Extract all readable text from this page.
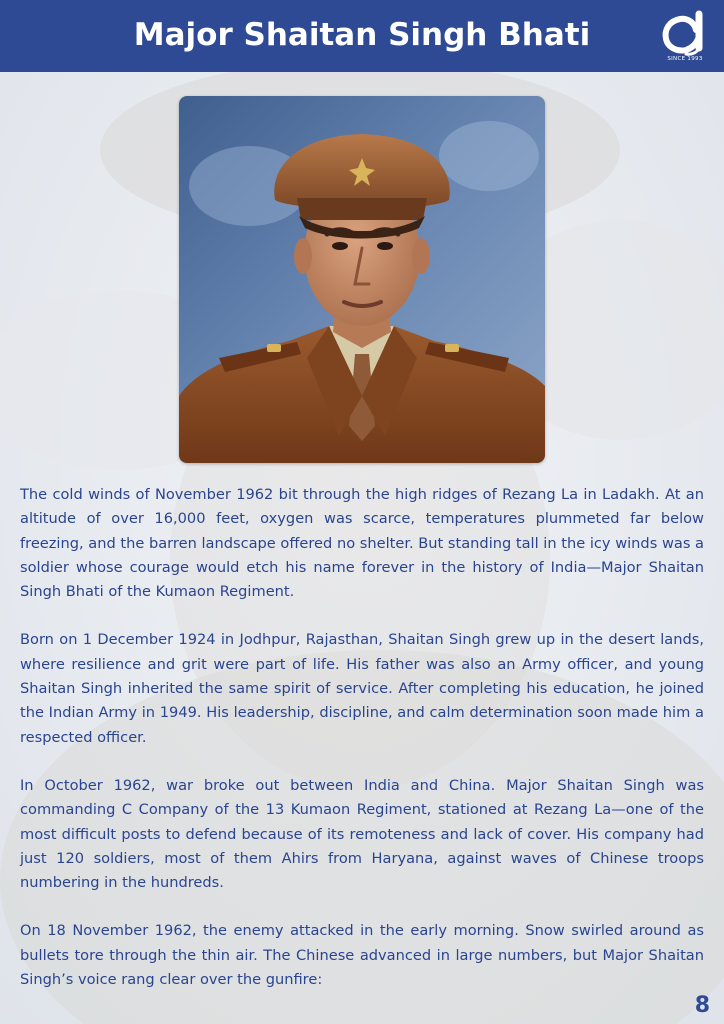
Major Shaitan Singh Bhati
SINCE 1993

The cold winds of November 1962 bit through the high ridges of Rezang La in Ladakh. At an altitude of over 16,000 feet, oxygen was scarce, temperatures plummeted far below freezing, and the barren landscape offered no shelter. But standing tall in the icy winds was a soldier whose courage would etch his name forever in the history of India—Major Shaitan Singh Bhati of the Kumaon Regiment.

Born on 1 December 1924 in Jodhpur, Rajasthan, Shaitan Singh grew up in the desert lands, where resilience and grit were part of life. His father was also an Army officer, and young Shaitan Singh inherited the same spirit of service. After completing his education, he joined the Indian Army in 1949. His leadership, discipline, and calm determination soon made him a respected officer.

In October 1962, war broke out between India and China. Major Shaitan Singh was commanding C Company of the 13 Kumaon Regiment, stationed at Rezang La—one of the most difficult posts to defend because of its remoteness and lack of cover. His company had just 120 soldiers, most of them Ahirs from Haryana, against waves of Chinese troops numbering in the hundreds.

On 18 November 1962, the enemy attacked in the early morning. Snow swirled around as bullets tore through the thin air. The Chinese advanced in large numbers, but Major Shaitan Singh’s voice rang clear over the gunfire:

8
